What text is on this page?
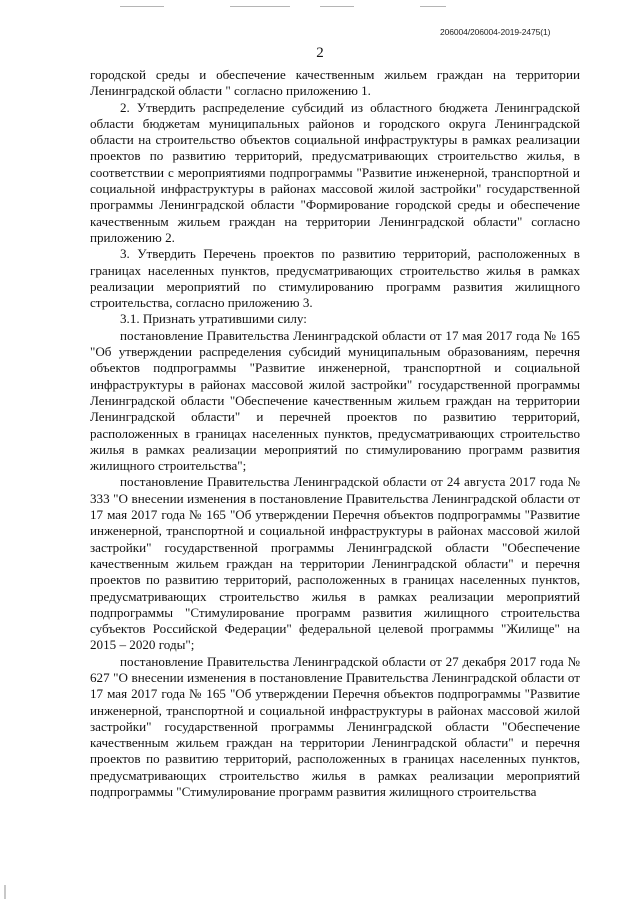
206004/206004-2019-2475(1)
2

городской среды и обеспечение качественным жильем граждан на территории Ленинградской области " согласно приложению 1.

2. Утвердить распределение субсидий из областного бюджета Ленинградской области бюджетам муниципальных районов и городского округа Ленинградской области на строительство объектов социальной инфраструктуры в рамках реализации проектов по развитию территорий, предусматривающих строительство жилья, в соответствии с мероприятиями подпрограммы "Развитие инженерной, транспортной и социальной инфраструктуры в районах массовой жилой застройки" государственной программы Ленинградской области "Формирование городской среды и обеспечение качественным жильем граждан на территории Ленинградской области" согласно приложению 2.

3. Утвердить Перечень проектов по развитию территорий, расположенных в границах населенных пунктов, предусматривающих строительство жилья в рамках реализации мероприятий по стимулированию программ развития жилищного строительства, согласно приложению 3.

3.1. Признать утратившими силу:

постановление Правительства Ленинградской области от 17 мая 2017 года № 165 "Об утверждении распределения субсидий муниципальным образованиям, перечня объектов подпрограммы "Развитие инженерной, транспортной и социальной инфраструктуры в районах массовой жилой застройки" государственной программы Ленинградской области "Обеспечение качественным жильем граждан на территории Ленинградской области" и перечней проектов по развитию территорий, расположенных в границах населенных пунктов, предусматривающих строительство жилья в рамках реализации мероприятий по стимулированию программ развития жилищного строительства";

постановление Правительства Ленинградской области от 24 августа 2017 года № 333 "О внесении изменения в постановление Правительства Ленинградской области от 17 мая 2017 года № 165 "Об утверждении Перечня объектов подпрограммы "Развитие инженерной, транспортной и социальной инфраструктуры в районах массовой жилой застройки" государственной программы Ленинградской области "Обеспечение качественным жильем граждан на территории Ленинградской области" и перечня проектов по развитию территорий, расположенных в границах населенных пунктов, предусматривающих строительство жилья в рамках реализации мероприятий подпрограммы "Стимулирование программ развития жилищного строительства субъектов Российской Федерации" федеральной целевой программы "Жилище" на 2015 – 2020 годы";

постановление Правительства Ленинградской области от 27 декабря 2017 года № 627 "О внесении изменения в постановление Правительства Ленинградской области от 17 мая 2017 года № 165 "Об утверждении Перечня объектов подпрограммы "Развитие инженерной, транспортной и социальной инфраструктуры в районах массовой жилой застройки" государственной программы Ленинградской области "Обеспечение качественным жильем граждан на территории Ленинградской области" и перечня проектов по развитию территорий, расположенных в границах населенных пунктов, предусматривающих строительство жилья в рамках реализации мероприятий подпрограммы "Стимулирование программ развития жилищного строительства
